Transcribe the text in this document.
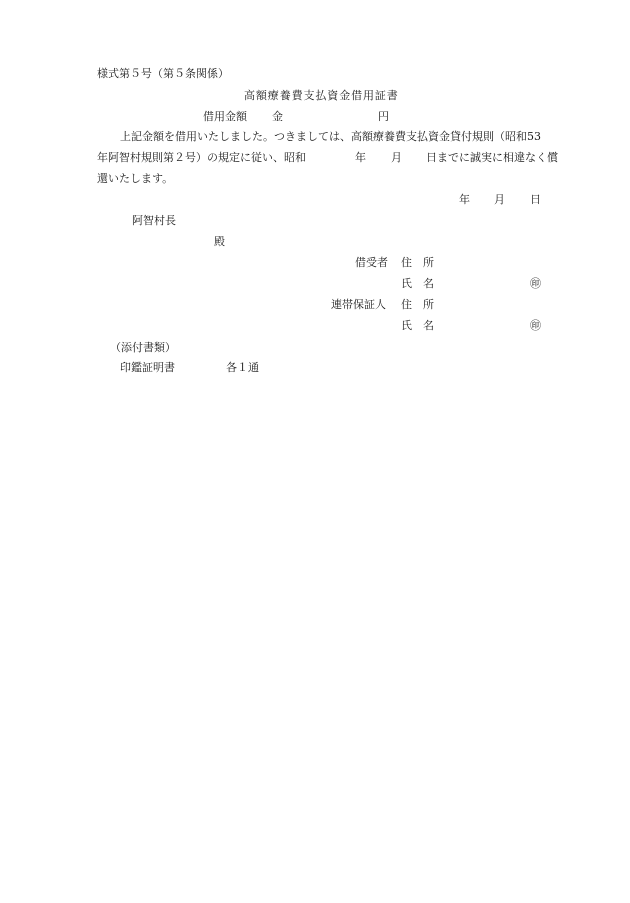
様式第５号（第５条関係）
高額療養費支払資金借用証書
借用金額 金	円
上記金額を借用いたしました。つきましては、高額療養費支払資金貸付規則（昭和53
年阿智村規則第２号）の規定に従い、昭和	年 月 日までに誠実に相違なく償
還いたします。
年 月 日
阿智村長
殿
借受者 住　所
氏　名	㊞
連帯保証人 住　所
氏　名	㊞
（添付書類）
印鑑証明書	各１通
